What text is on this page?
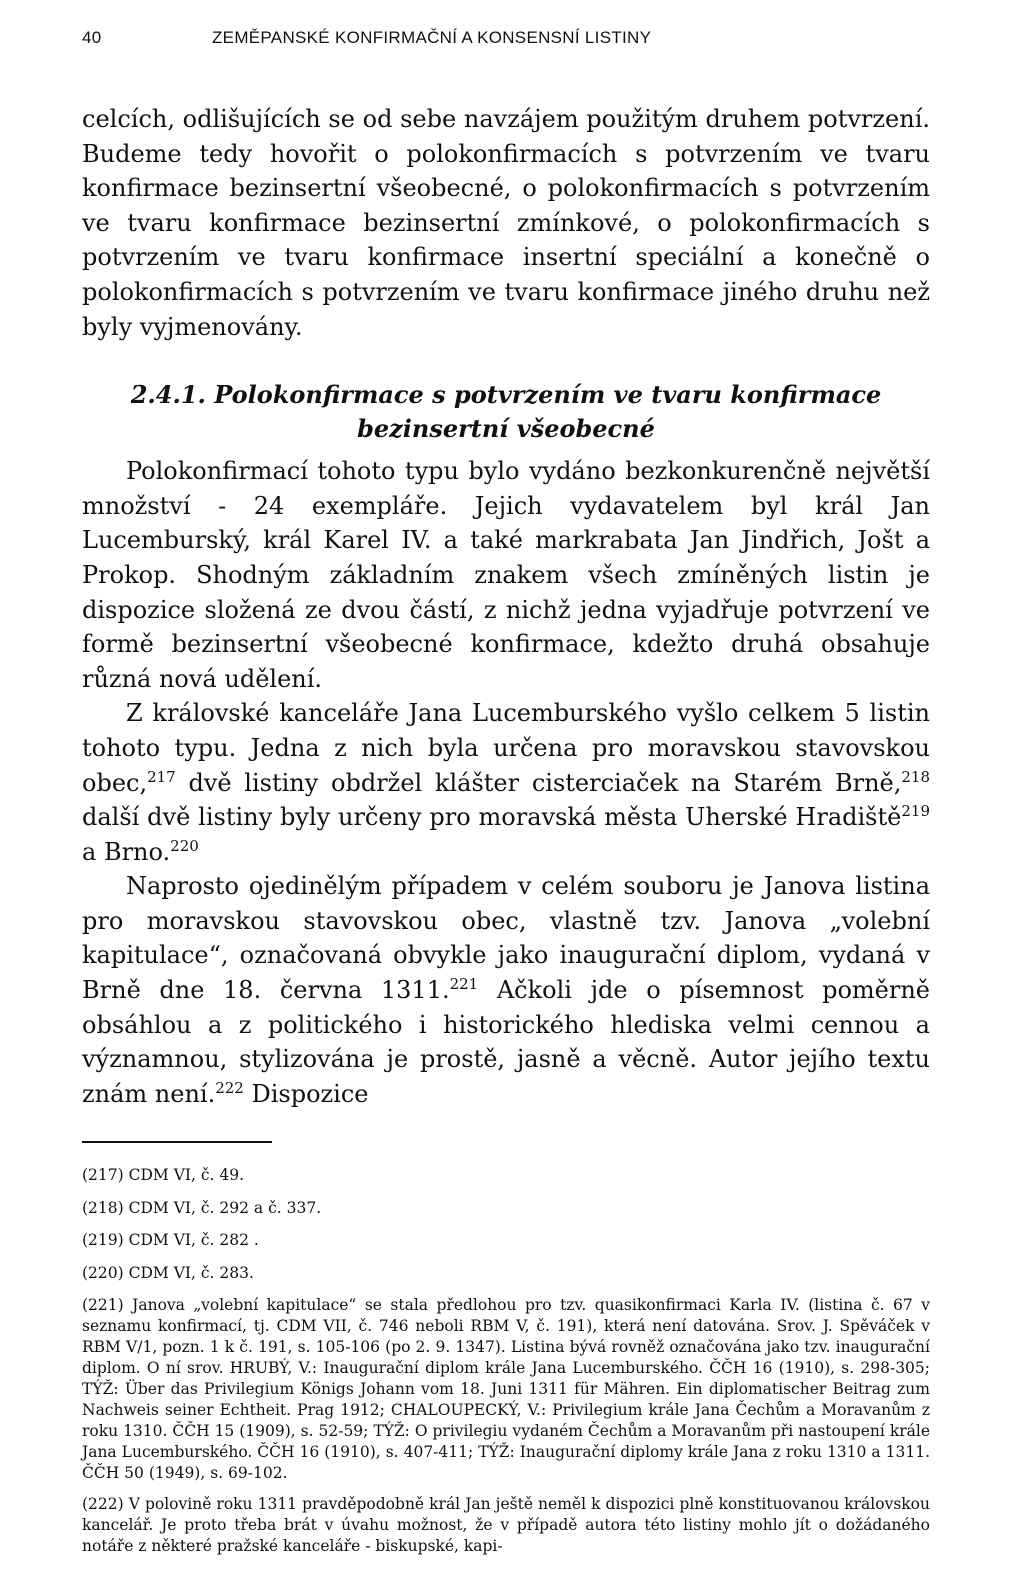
40	ZEMĚPANSKÉ KONFIRMAČNÍ A KONSENSNÍ LISTINY

celcích, odlišujících se od sebe navzájem použitým druhem potvrzení. Budeme tedy hovořit o polokonfirmacích s potvrzením ve tvaru konfirmace bezinsertní všeobecné, o polokonfirmacích s potvrzením ve tvaru konfirmace bezinsertní zmínkové, o polokonfirmacích s potvrzením ve tvaru konfirmace insertní speciální a konečně o polokonfirmacích s potvrzením ve tvaru konfirmace jiného druhu než byly vyjmenovány.

2.4.1. Polokonfirmace s potvrzením ve tvaru konfirmace
bezinsertní všeobecné

Polokonfirmací tohoto typu bylo vydáno bezkonkurenčně největší množství - 24 exempláře. Jejich vydavatelem byl král Jan Lucemburský, král Karel IV. a také markrabata Jan Jindřich, Jošt a Prokop. Shodným základním znakem všech zmíněných listin je dispozice složená ze dvou částí, z nichž jedna vyjadřuje potvrzení ve formě bezinsertní všeobecné konfirmace, kdežto druhá obsahuje různá nová udělení.

Z královské kanceláře Jana Lucemburského vyšlo celkem 5 listin tohoto typu. Jedna z nich byla určena pro moravskou stavovskou obec,$^{217}$ dvě listiny obdržel klášter cisterciaček na Starém Brně,$^{218}$ další dvě listiny byly určeny pro moravská města Uherské Hradiště$^{219}$ a Brno.$^{220}$

Naprosto ojedinělým případem v celém souboru je Janova listina pro moravskou stavovskou obec, vlastně tzv. Janova „volební kapitulace“, označovaná obvykle jako inaugurační diplom, vydaná v Brně dne 18. června 1311.$^{221}$ Ačkoli jde o písemnost poměrně obsáhlou a z politického i historického hlediska velmi cennou a významnou, stylizována je prostě, jasně a věcně. Autor jejího textu znám není.$^{222}$ Dispozice

(217) CDM VI, č. 49.

(218) CDM VI, č. 292 a č. 337.

(219) CDM VI, č. 282 .

(220) CDM VI, č. 283.

(221) Janova „volební kapitulace“ se stala předlohou pro tzv. quasikonfirmaci Karla IV. (listina č. 67 v seznamu konfirmací, tj. CDM VII, č. 746 neboli RBM V, č. 191), která není datována. Srov. J. Spěváček v RBM V/1, pozn. 1 k č. 191, s. 105-106 (po 2. 9. 1347). Listina bývá rovněž označována jako tzv. inaugurační diplom. O ní srov. HRUBÝ, V.: Inaugurační diplom krále Jana Lucemburského. ČČH 16 (1910), s. 298-305; TÝŽ: Über das Privilegium Königs Johann vom 18. Juni 1311 für Mähren. Ein diplomatischer Beitrag zum Nachweis seiner Echtheit. Prag 1912; CHALOUPECKÝ, V.: Privilegium krále Jana Čechům a Moravanům z roku 1310. ČČH 15 (1909), s. 52-59; TÝŽ: O privilegiu vydaném Čechům a Moravanům při nastoupení krále Jana Lucemburského. ČČH 16 (1910), s. 407-411; TÝŽ: Inaugurační diplomy krále Jana z roku 1310 a 1311. ČČH 50 (1949), s. 69-102.

(222) V polovině roku 1311 pravděpodobně král Jan ještě neměl k dispozici plně konstituovanou královskou kancelář. Je proto třeba brát v úvahu možnost, že v případě autora této listiny mohlo jít o dožádaného notáře z některé pražské kanceláře - biskupské, kapi-
